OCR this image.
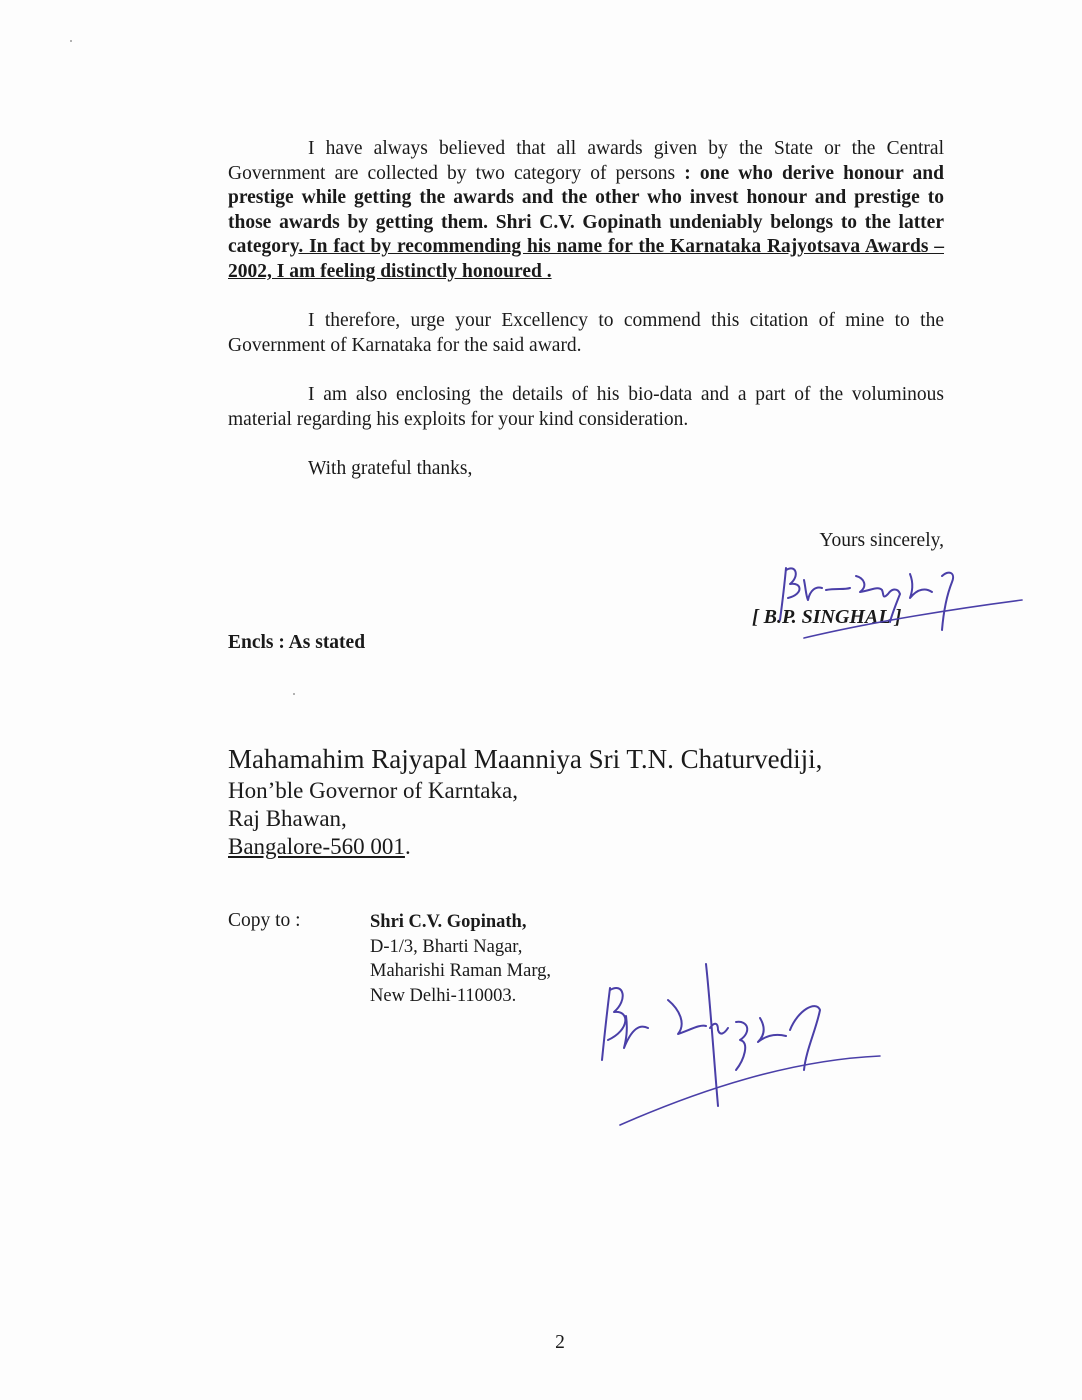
I have always believed that all awards given by the State or the Central Government are collected by two category of persons : one who derive honour and prestige while getting the awards and the other who invest honour and prestige to those awards by getting them. Shri C.V. Gopinath undeniably belongs to the latter category. In fact by recommending his name for the Karnataka Rajyotsava Awards – 2002, I am feeling distinctly honoured .

I therefore, urge your Excellency to commend this citation of mine to the Government of Karnataka for the said award.

I am also enclosing the details of his bio-data and a part of the voluminous material regarding his exploits for your kind consideration.

With grateful thanks,

Yours sincerely,
[ B.P. SINGHAL ]
Encls : As stated
Mahamahim Rajyapal Maanniya Sri T.N. Chaturvediji,
Hon’ble Governor of Karntaka,
Raj Bhawan,
Bangalore-560 001.
Copy to :	Shri C.V. Gopinath,
D-1/3, Bharti Nagar,
Maharishi Raman Marg,
New Delhi-110003.
2
